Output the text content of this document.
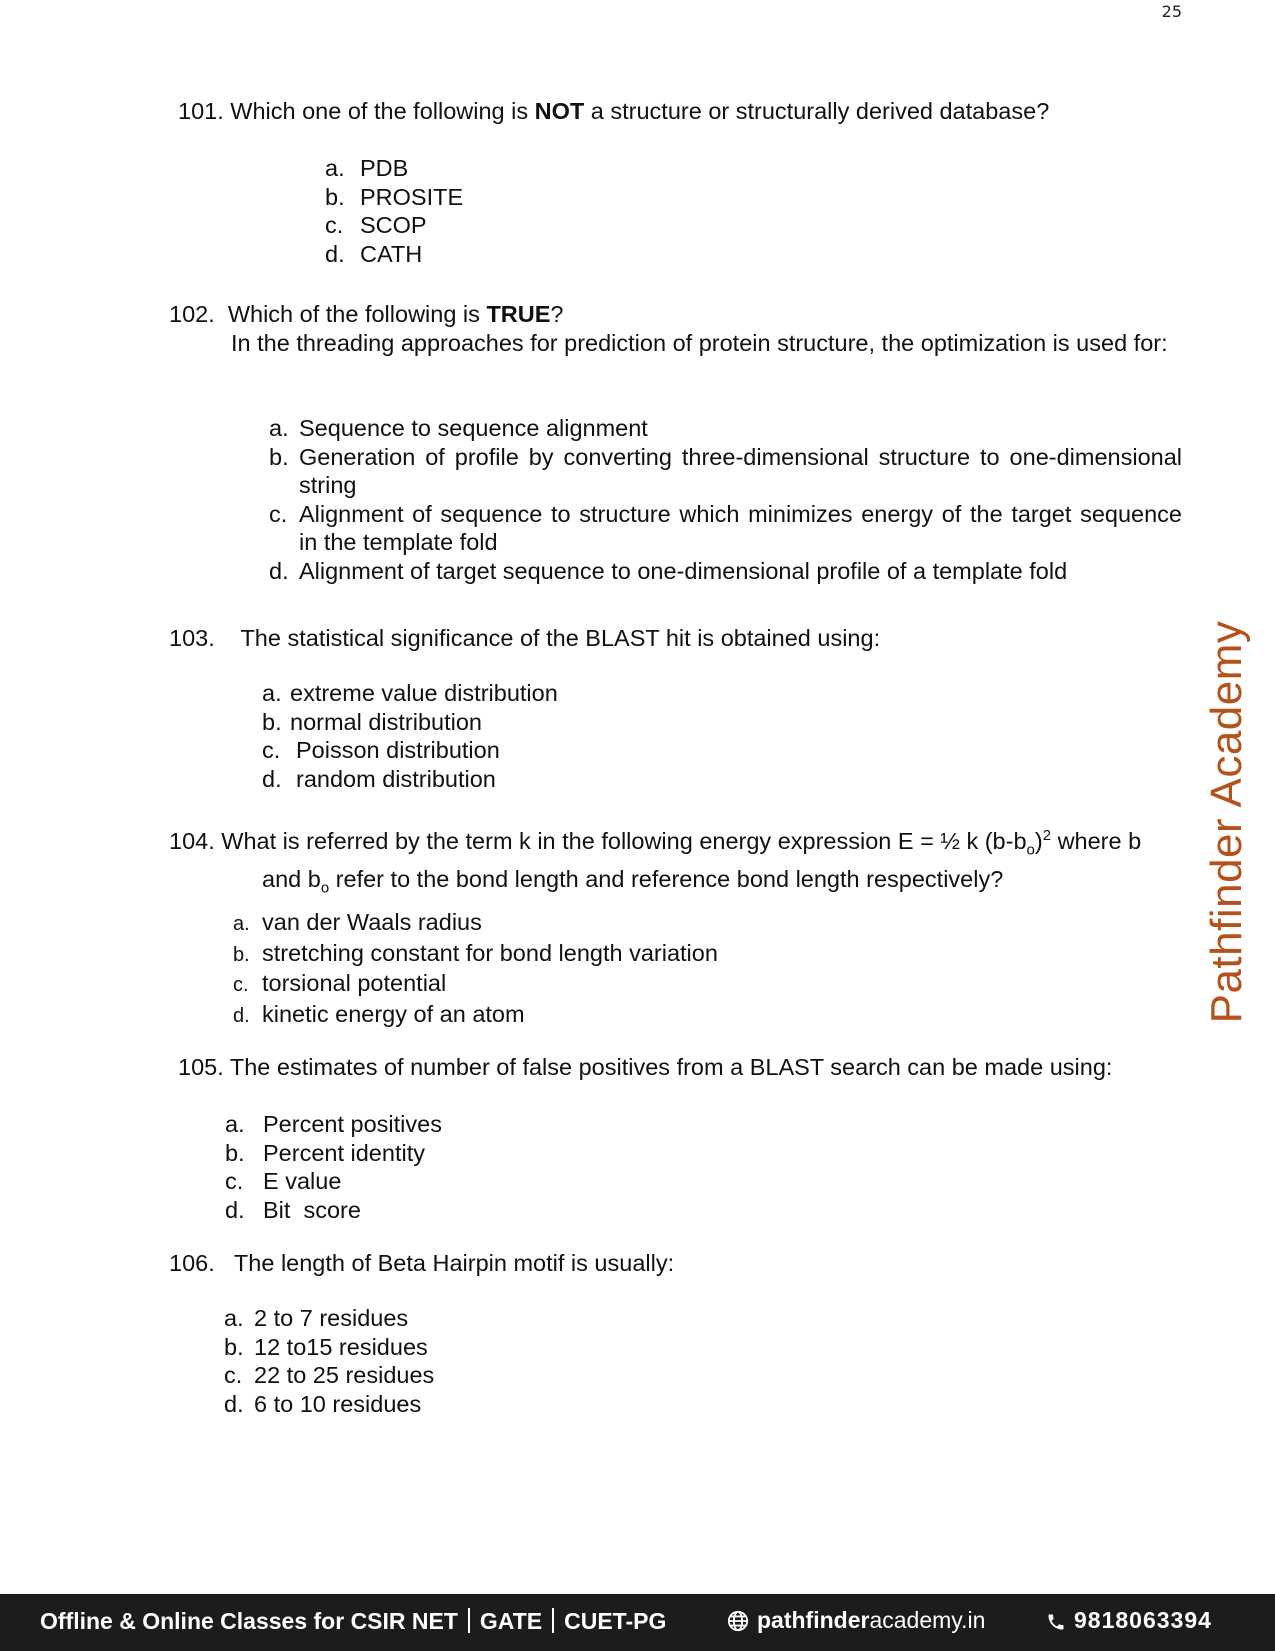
25
101. Which one of the following is NOT a structure or structurally derived database?
a. PDB
b. PROSITE
c. SCOP
d. CATH
102. Which of the following is TRUE?
In the threading approaches for prediction of protein structure, the optimization is used for:
a. Sequence to sequence alignment
b. Generation of profile by converting three-dimensional structure to one-dimensional string
c. Alignment of sequence to structure which minimizes energy of the target sequence in the template fold
d. Alignment of target sequence to one-dimensional profile of a template fold
103. The statistical significance of the BLAST hit is obtained using:
a. extreme value distribution
b. normal distribution
c. Poisson distribution
d. random distribution
104. What is referred by the term k in the following energy expression E = ½ k $(b-b_o)^2$ where b
and $b_o$ refer to the bond length and reference bond length respectively?
a. van der Waals radius
b. stretching constant for bond length variation
c. torsional potential
d. kinetic energy of an atom
105. The estimates of number of false positives from a BLAST search can be made using:
a. Percent positives
b. Percent identity
c. E value
d. Bit  score
106. The length of Beta Hairpin motif is usually:
a. 2 to 7 residues
b. 12 to15 residues
c. 22 to 25 residues
d. 6 to 10 residues
Pathfinder Academy
Offline & Online Classes for CSIR NET GATE CUET-PG	pathfinderacademy.in	9818063394
